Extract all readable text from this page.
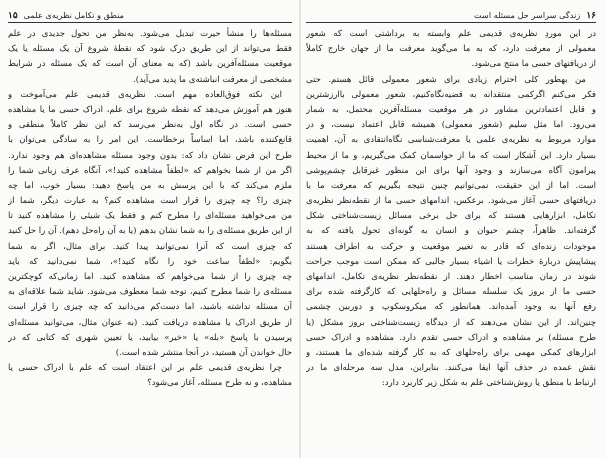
۱۶
زندگی سراسر حل مسئله است
در این موردِ نظریه‌ی قدیمی علم وابسته به برداشتی است که شعور
معمولی از معرفت دارد، که به ما می‌گوید معرفت ما از جهان خارج کاملاً
از دریافتهای حسی ما منتج می‌شود.
من بهطور کلی احترام زیادی برای شعور معمولی قائل هستم. حتی
فکر می‌کنم اگرکمی منتقدانه به قضیه‌نگاه‌کنیم، شعور معمولی باارزشترین
و قابل اعتمادترین مشاور در هر موقعیت مسئله‌آفرین محتمل، به شمار
می‌رود. اما مثل سلیم (شعور معمولی) همیشه قابل اعتماد نیست، و در
موارد مربوط به نظریه‌ی علمی یا معرفت‌شناسی نگاه‌انتقادی به آن، اهمیت
بسیار دارد. این آشکار است که ما از حواسمان کمک می‌گیریم، و ما از محیط
پیرامون آگاه می‌سازند و وجود آنها برای این منظور غیرقابل چشم‌پوشی
است. اما از این حقیقت، نمی‌توانیم چنین نتیجه بگیریم که معرفت ما با
دریافتهای حسی آغاز می‌شود. برعکس، اندامهای حسی ما از نقطه‌نظر نظریه‌ی
تکامل، ابزارهایی هستند که برای حل برخی مسائل زیست‌شناختی شکل
گرفته‌اند. ظاهراً، چشم حیوان و انسان به گونه‌ای تحول یافته که به
موجودات زنده‌ای که قادر به تغییر موقعیت و حرکت به اطراف هستند
پیشاپیش دربارهٔ خطرات یا اشیاء بسیار جالبی که ممکن است موجب جراحت
شوند در زمان مناسب اخطار دهند. از نقطه‌نظر نظریه‌ی تکامل، اندامهای
حسی ما از بروز یک سلسله مسائل و راه‌حلهایی که کارگرفته شده برای
رفع آنها به وجود آمده‌اند. همانطور که میکروسکوپ و دوربین چشمی
چنین‌اند. از این نشان می‌دهند که از دیدگاه زیست‌شناختی بروز مشکل (یا
طرح مسئله) بر مشاهده و ادراک حسی تقدم دارد. مشاهده و ادراک حسی
ابزارهای کمکی مهمی برای راه‌حلهای که به کار گرفته شده‌ای ما هستند، و
نقش عمده در حذف آنها ایفا می‌کنند. بنابراین، مدل سه مرحله‌ای ما در
ارتباط با منطق یا روش‌شناختی علم به شکل زیر کاربرد دارد:
منطق و تکامل نظریه‌ی علمی
۱۵
مسئله‌ها را منشأ حیرت تبدیل می‌شود. به‌نظر من تحول جدیدی در علم
فقط می‌تواند از این طریق درک شود که نقطهٔ شروع آن یک مسئله یا یک
موقعیت مسئله‌آفرین باشد (که به معنای آن است که یک مسئله در شرایط
مشخصی از معرفت انباشته‌ی ما پدید می‌آید).
این نکته فوق‌العاده مهم است. نظریه‌ی قدیمی علم می‌آموخت و
هنوز هم آموزش می‌دهد که نقطه شروع برای علم، ادراک حسی ما یا مشاهده
حسی است. در نگاه اول به‌نظر می‌رسد که این نظر کاملاً منطقی و
قانع‌کننده باشد، اما اساساً برخطاست. این امر را به سادگی می‌توان با
طرح این فرض نشان داد که: بدون وجود مسئله مشاهده‌ای هم وجود ندارد.
اگر من از شما بخواهم که «لطفاً مشاهده کنید!»، آنگاه عرف زبانی شما را
ملزم می‌کند که با این پرسش به من پاسخ دهید: بسیار خوب، اما چه
چیزی را؟ چه چیزی را قرار است مشاهده کنم؟ به عبارت دیگر، شما از
من می‌خواهید مسئله‌ای را مطرح کنم و فقط یک شیئی را مشاهده کنید تا
از این طریق مسئله‌ی را به شما نشان بدهم (یا به آن راه‌حل دهم). آن را حل کنید
که چیزی است که آنرا نمی‌توانید پیدا کنید. برای مثال، اگر به شما
بگویم: «لطفاً ساعت خود را نگاه کنید!»، شما نمی‌دانید که باید
چه چیزی را از شما می‌خواهم که مشاهده کنید. اما زمانی‌که کوچکترین
مسئله‌ی را شما مطرح کنیم، توجه شما معطوف می‌شود. شاید شما علاقه‌ای به
آن مسئله نداشته باشید، اما دست‌کم می‌دانید که چه چیزی را قرار است
از طریق ادراک یا مشاهده دریافت کنید. (به عنوان مثال، می‌توانید مسئله‌ای
پرسیدن با پاسخ «بله» یا «خیر» بیابید، یا تعیین شهری که کتابی که در
حال خواندن آن هستید، در آنجا منتشر شده است.)
چرا نظریه‌ی قدیمی علم بر این اعتقاد است که علم با ادراک حسی یا
مشاهده، و نه طرح مسئله، آغاز می‌شود؟
